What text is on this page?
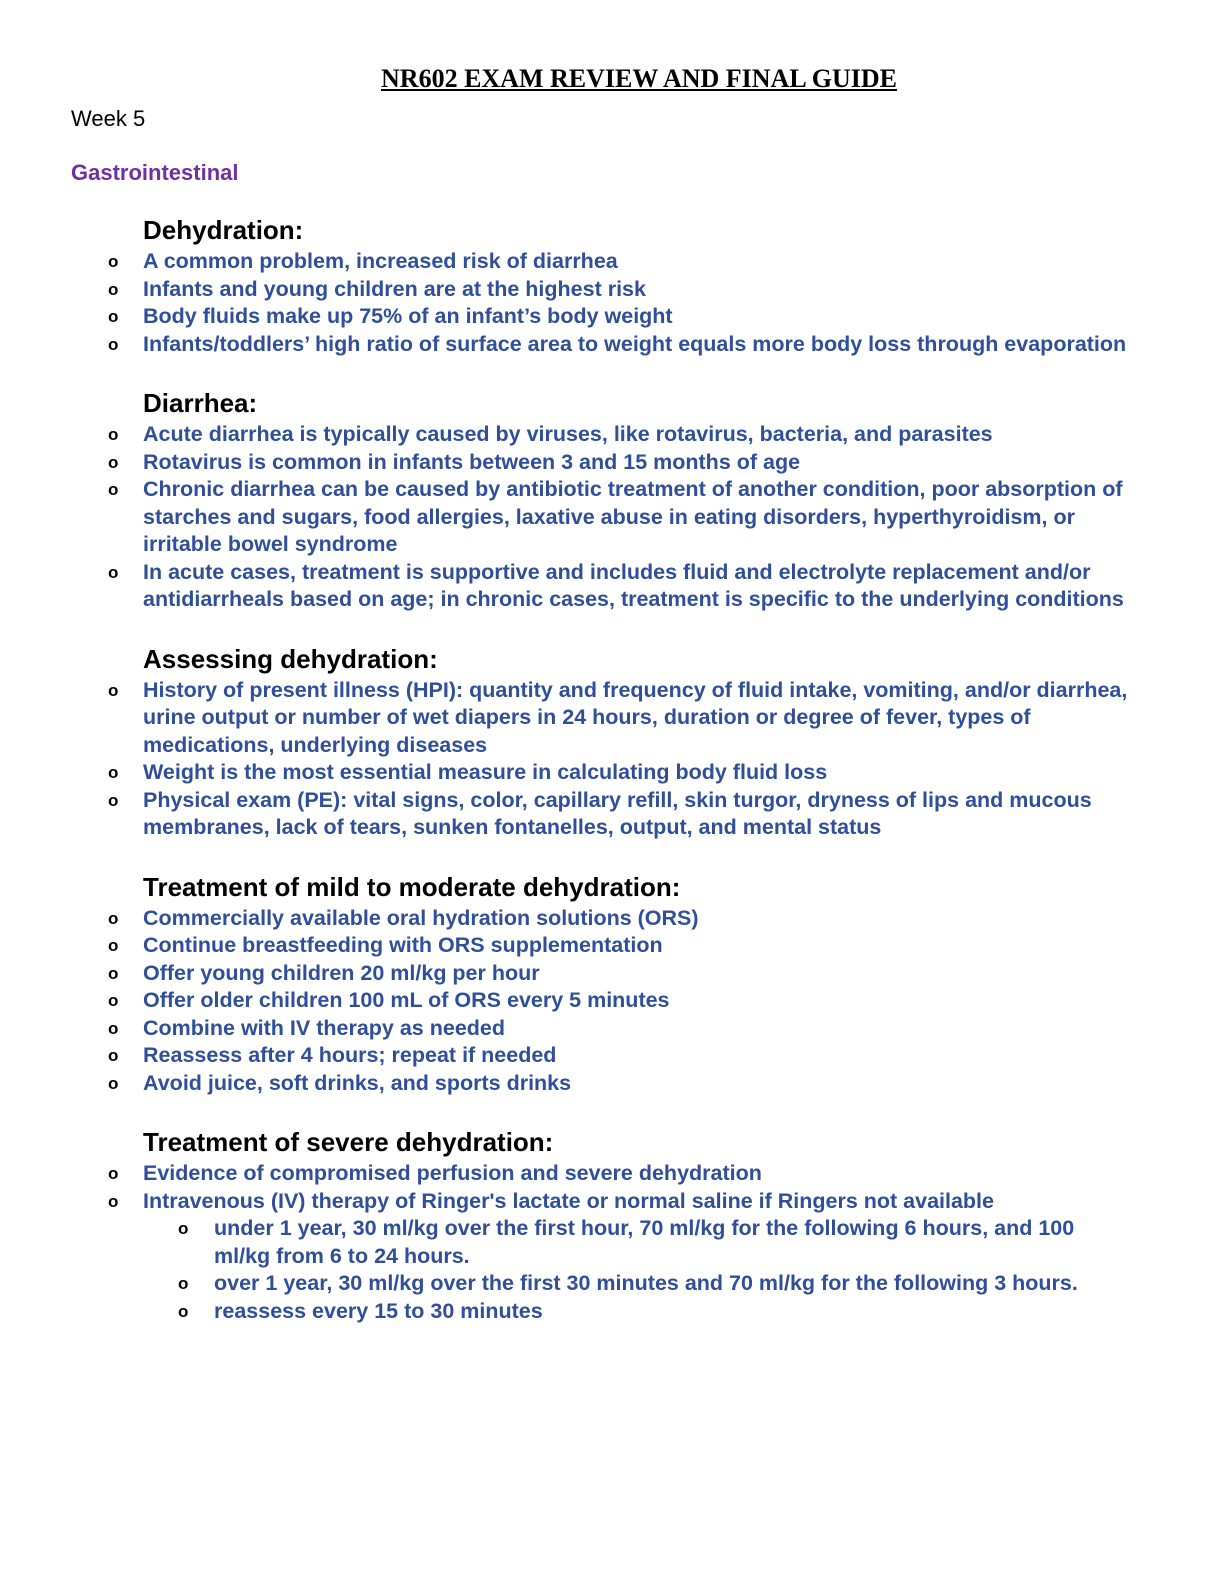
NR602 EXAM REVIEW AND FINAL GUIDE
Week 5
Gastrointestinal
Dehydration:
o A common problem, increased risk of diarrhea
o Infants and young children are at the highest risk
o Body fluids make up 75% of an infant’s body weight
o Infants/toddlers’ high ratio of surface area to weight equals more body loss through evaporation
Diarrhea:
o Acute diarrhea is typically caused by viruses, like rotavirus, bacteria, and parasites
o Rotavirus is common in infants between 3 and 15 months of age
o Chronic diarrhea can be caused by antibiotic treatment of another condition, poor absorption of starches and sugars, food allergies, laxative abuse in eating disorders, hyperthyroidism, or irritable bowel syndrome
o In acute cases, treatment is supportive and includes fluid and electrolyte replacement and/or antidiarrheals based on age; in chronic cases, treatment is specific to the underlying conditions
Assessing dehydration:
o History of present illness (HPI): quantity and frequency of fluid intake, vomiting, and/or diarrhea, urine output or number of wet diapers in 24 hours, duration or degree of fever, types of medications, underlying diseases
o Weight is the most essential measure in calculating body fluid loss
o Physical exam (PE): vital signs, color, capillary refill, skin turgor, dryness of lips and mucous membranes, lack of tears, sunken fontanelles, output, and mental status
Treatment of mild to moderate dehydration:
o Commercially available oral hydration solutions (ORS)
o Continue breastfeeding with ORS supplementation
o Offer young children 20 ml/kg per hour
o Offer older children 100 mL of ORS every 5 minutes
o Combine with IV therapy as needed
o Reassess after 4 hours; repeat if needed
o Avoid juice, soft drinks, and sports drinks
Treatment of severe dehydration:
o Evidence of compromised perfusion and severe dehydration
o Intravenous (IV) therapy of Ringer's lactate or normal saline if Ringers not available
o under 1 year, 30 ml/kg over the first hour, 70 ml/kg for the following 6 hours, and 100 ml/kg from 6 to 24 hours.
o over 1 year, 30 ml/kg over the first 30 minutes and 70 ml/kg for the following 3 hours.
o reassess every 15 to 30 minutes
